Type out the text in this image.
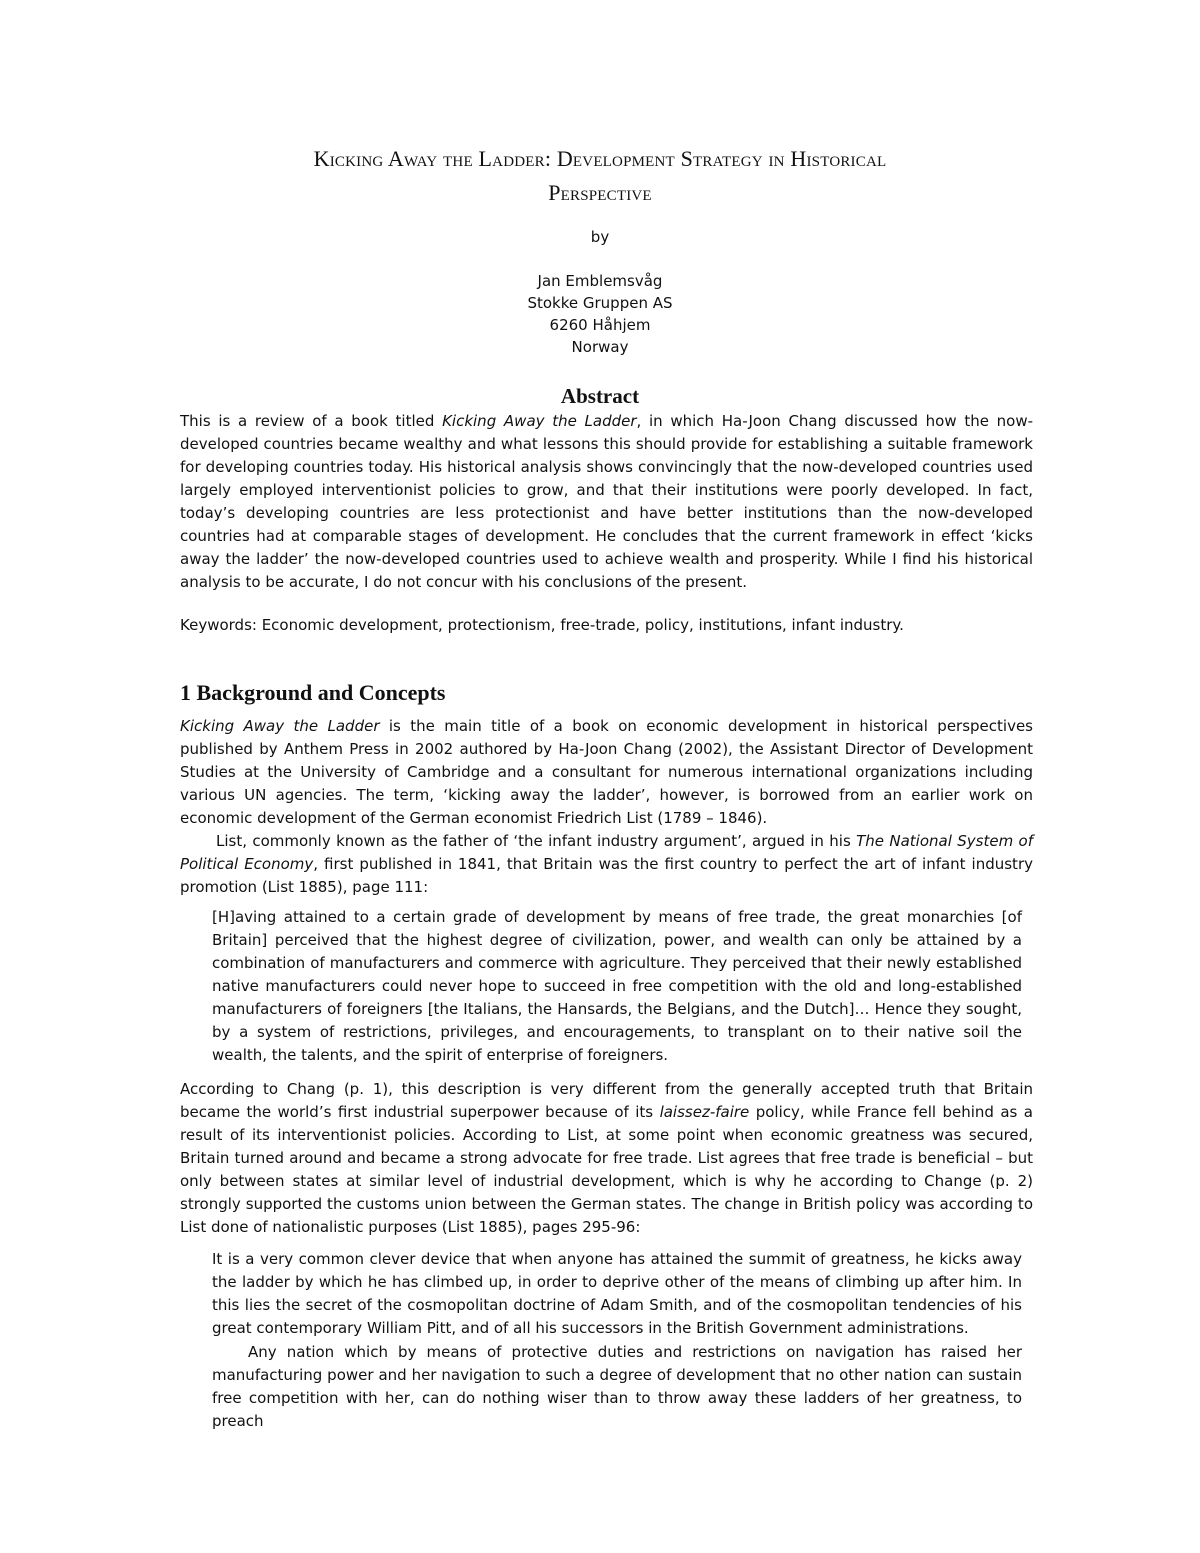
Kicking Away the Ladder: Development Strategy in Historical
Perspective
by
Jan Emblemsvåg
Stokke Gruppen AS
6260 Håhjem
Norway
Abstract

This is a review of a book titled Kicking Away the Ladder, in which Ha-Joon Chang discussed how the now-developed countries became wealthy and what lessons this should provide for establishing a suitable framework for developing countries today. His historical analysis shows convincingly that the now-developed countries used largely employed interventionist policies to grow, and that their institutions were poorly developed. In fact, today’s developing countries are less protectionist and have better institutions than the now-developed countries had at comparable stages of development. He concludes that the current framework in effect ‘kicks away the ladder’ the now-developed countries used to achieve wealth and prosperity. While I find his historical analysis to be accurate, I do not concur with his conclusions of the present.

Keywords: Economic development, protectionism, free-trade, policy, institutions, infant industry.

1 Background and Concepts

Kicking Away the Ladder is the main title of a book on economic development in historical perspectives published by Anthem Press in 2002 authored by Ha-Joon Chang (2002), the Assistant Director of Development Studies at the University of Cambridge and a consultant for numerous international organizations including various UN agencies. The term, ‘kicking away the ladder’, however, is borrowed from an earlier work on economic development of the German economist Friedrich List (1789 – 1846).

List, commonly known as the father of ‘the infant industry argument’, argued in his The National System of Political Economy, first published in 1841, that Britain was the first country to perfect the art of infant industry promotion (List 1885), page 111:

[H]aving attained to a certain grade of development by means of free trade, the great monarchies [of Britain] perceived that the highest degree of civilization, power, and wealth can only be attained by a combination of manufacturers and commerce with agriculture. They perceived that their newly established native manufacturers could never hope to succeed in free competition with the old and long-established manufacturers of foreigners [the Italians, the Hansards, the Belgians, and the Dutch]… Hence they sought, by a system of restrictions, privileges, and encouragements, to transplant on to their native soil the wealth, the talents, and the spirit of enterprise of foreigners.

According to Chang (p. 1), this description is very different from the generally accepted truth that Britain became the world’s first industrial superpower because of its laissez-faire policy, while France fell behind as a result of its interventionist policies. According to List, at some point when economic greatness was secured, Britain turned around and became a strong advocate for free trade. List agrees that free trade is beneficial – but only between states at similar level of industrial development, which is why he according to Change (p. 2) strongly supported the customs union between the German states. The change in British policy was according to List done of nationalistic purposes (List 1885), pages 295-96:

It is a very common clever device that when anyone has attained the summit of greatness, he kicks away the ladder by which he has climbed up, in order to deprive other of the means of climbing up after him. In this lies the secret of the cosmopolitan doctrine of Adam Smith, and of the cosmopolitan tendencies of his great contemporary William Pitt, and of all his successors in the British Government administrations.

Any nation which by means of protective duties and restrictions on navigation has raised her manufacturing power and her navigation to such a degree of development that no other nation can sustain free competition with her, can do nothing wiser than to throw away these ladders of her greatness, to preach
